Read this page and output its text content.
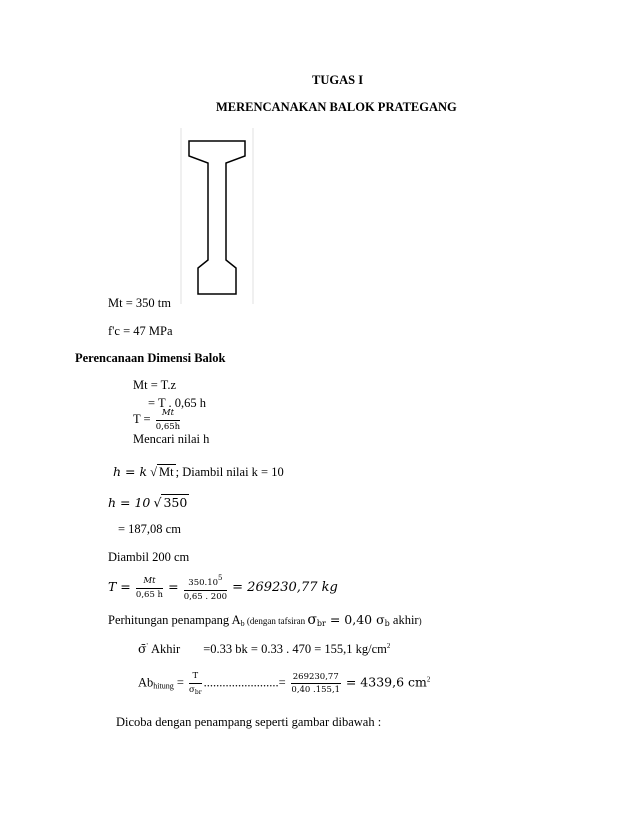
TUGAS I
MERENCANAKAN BALOK PRATEGANG
Mt = 350 tm
f'c = 47 MPa
Perencanaan Dimensi Balok
Mt = T.z
= T . 0,65 h
$T = \frac{Mt}{0,65h}$
Mencari nilai h
h = k √ Mt ; Diambil nilai k = 10
h = 10 √ 350
= 187,08 cm
Diambil 200 cm
$T = \frac{Mt}{0,65 h} = \frac{350.10^5}{0,65 . 200} = 269230,77$ kg
Perhitungan penampang $A_b$ (dengan tafsiran $\sigma_{br} = 0,40$ $\sigma_b$ akhir)
σ̄' Akhir =0.33 bk = 0.33 . 470 = 155,1 $kg/cm^2$
$Ab_{hitung} = \frac{T}{\sigma_{br}}$ ........................= $\frac{269230,77}{0,40 .155,1} = 4339,6$ $cm^2$
Dicoba dengan penampang seperti gambar dibawah :
